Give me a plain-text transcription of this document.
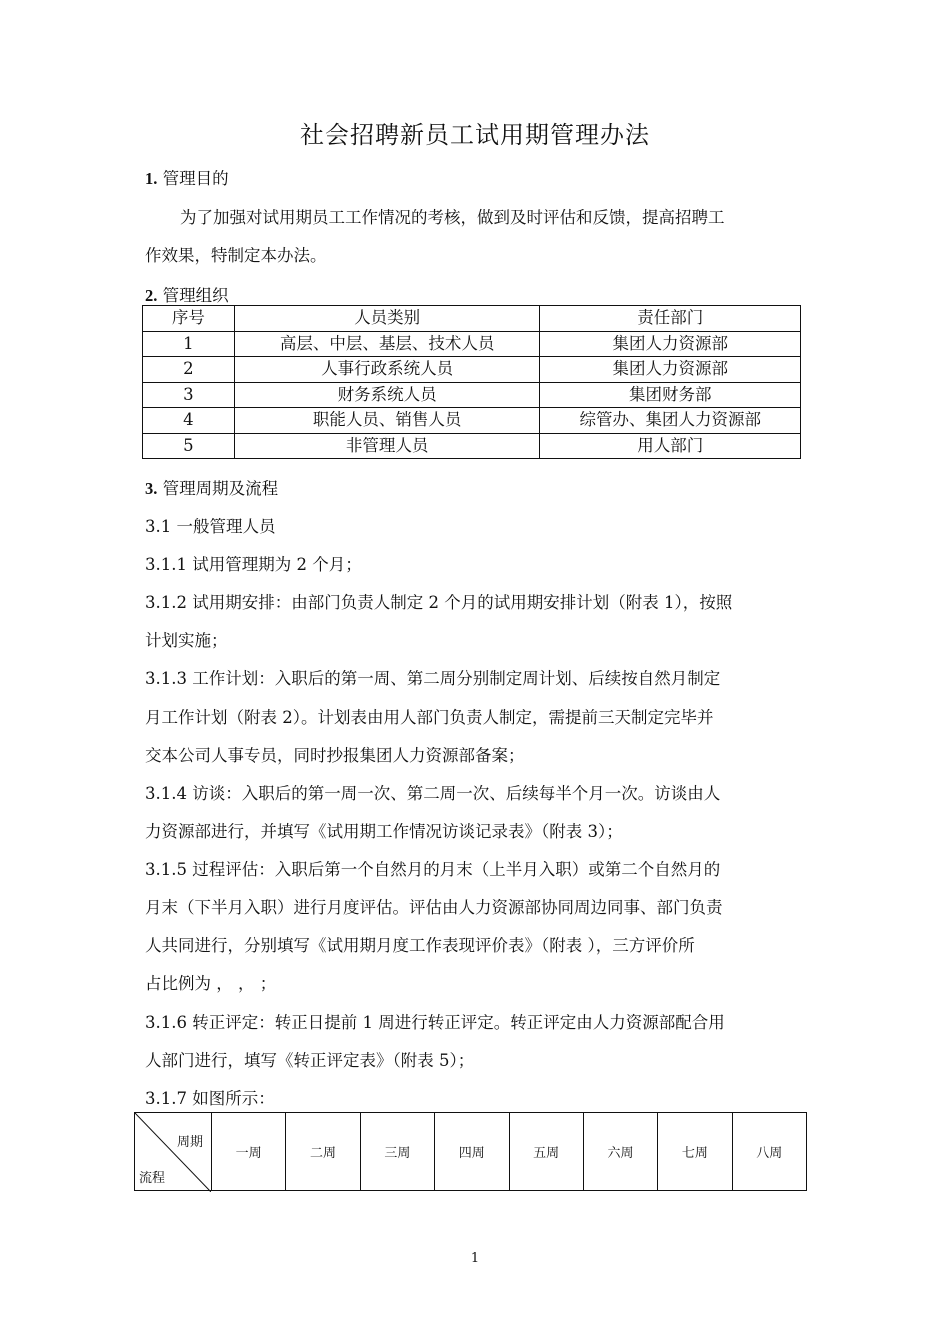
社会招聘新员工试用期管理办法
1. 管理目的
为了加强对试用期员工工作情况的考核，做到及时评估和反馈，提高招聘工
作效果，特制定本办法。
2. 管理组织
序号	人员类别	责任部门
1	高层、中层、基层、技术人员	集团人力资源部
2	人事行政系统人员	集团人力资源部
3	财务系统人员	集团财务部
4	职能人员、销售人员	综管办、集团人力资源部
5	非管理人员	用人部门
3. 管理周期及流程
3.1 一般管理人员
3.1.1 试用管理期为 2 个月；
3.1.2 试用期安排：由部门负责人制定 2 个月的试用期安排计划（附表 1），按照
计划实施；
3.1.3 工作计划：入职后的第一周、第二周分别制定周计划、后续按自然月制定
月工作计划（附表 2）。计划表由用人部门负责人制定，需提前三天制定完毕并
交本公司人事专员，同时抄报集团人力资源部备案；
3.1.4 访谈：入职后的第一周一次、第二周一次、后续每半个月一次。访谈由人
力资源部进行，并填写《试用期工作情况访谈记录表》（附表 3）；
3.1.5 过程评估：入职后第一个自然月的月末（上半月入职）或第二个自然月的
月末（下半月入职）进行月度评估。评估由人力资源部协同周边同事、部门负责
人共同进行，分别填写《试用期月度工作表现评价表》（附表 ），三方评价所
占比例为 ， ， ；
3.1.6 转正评定：转正日提前 1 周进行转正评定。转正评定由人力资源部配合用
人部门进行，填写《转正评定表》（附表 5）；
3.1.7 如图所示：
周期
流程
	一周	二周	三周	四周	五周	六周	七周	八周
1
